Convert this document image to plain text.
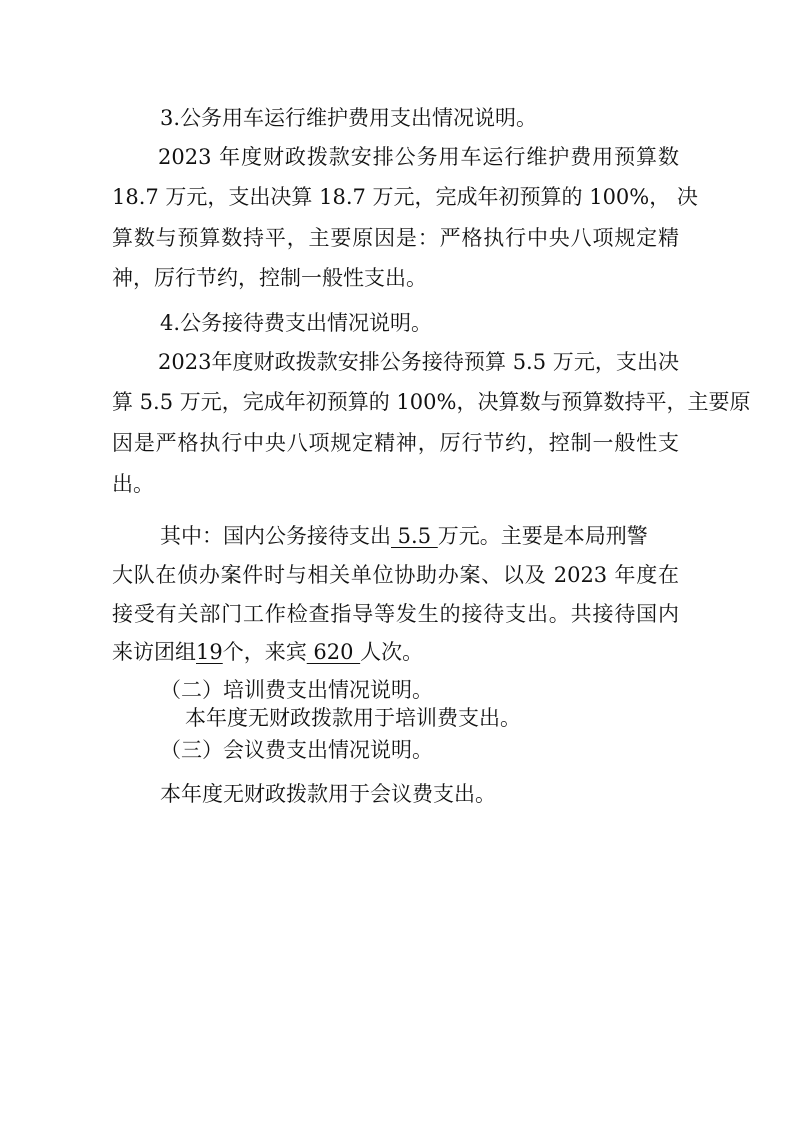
3.公务用车运行维护费用支出情况说明。
2023 年度财政拨款安排公务用车运行维护费用预算数
18.7 万元，支出决算 18.7 万元，完成年初预算的 100%， 决
算数与预算数持平，主要原因是：严格执行中央八项规定精
神，厉行节约，控制一般性支出。
4.公务接待费支出情况说明。
2023年度财政拨款安排公务接待预算 5.5 万元，支出决
算 5.5 万元，完成年初预算的 100%，决算数与预算数持平，主要原
因是严格执行中央八项规定精神，厉行节约，控制一般性支
出。
其中：国内公务接待支出 5.5 万元。主要是本局刑警
大队在侦办案件时与相关单位协助办案、以及 2023 年度在
接受有关部门工作检查指导等发生的接待支出。共接待国内
来访团组19个，来宾 620 人次。
（二）培训费支出情况说明。
本年度无财政拨款用于培训费支出。
（三）会议费支出情况说明。
本年度无财政拨款用于会议费支出。
